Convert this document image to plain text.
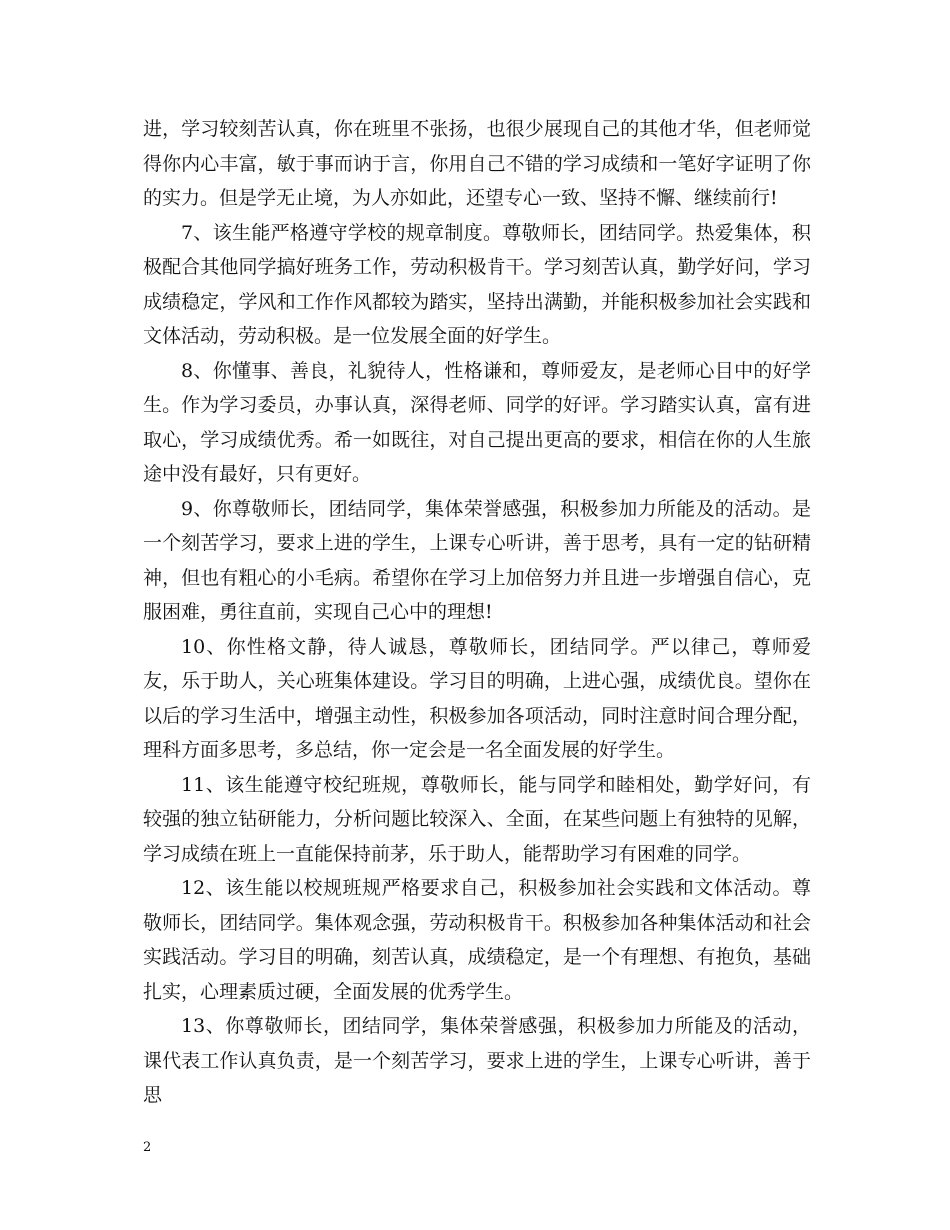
进，学习较刻苦认真，你在班里不张扬，也很少展现自己的其他才华，但老师觉得你内心丰富，敏于事而讷于言，你用自己不错的学习成绩和一笔好字证明了你的实力。但是学无止境，为人亦如此，还望专心一致、坚持不懈、继续前行!

7、该生能严格遵守学校的规章制度。尊敬师长，团结同学。热爱集体，积极配合其他同学搞好班务工作，劳动积极肯干。学习刻苦认真，勤学好问，学习成绩稳定，学风和工作作风都较为踏实，坚持出满勤，并能积极参加社会实践和文体活动，劳动积极。是一位发展全面的好学生。

8、你懂事、善良，礼貌待人，性格谦和，尊师爱友，是老师心目中的好学生。作为学习委员，办事认真，深得老师、同学的好评。学习踏实认真，富有进取心，学习成绩优秀。希一如既往，对自己提出更高的要求，相信在你的人生旅途中没有最好，只有更好。

9、你尊敬师长，团结同学，集体荣誉感强，积极参加力所能及的活动。是一个刻苦学习，要求上进的学生，上课专心听讲，善于思考，具有一定的钻研精神，但也有粗心的小毛病。希望你在学习上加倍努力并且进一步增强自信心，克服困难，勇往直前，实现自己心中的理想!

10、你性格文静，待人诚恳，尊敬师长，团结同学。严以律己，尊师爱友，乐于助人，关心班集体建设。学习目的明确，上进心强，成绩优良。望你在以后的学习生活中，增强主动性，积极参加各项活动，同时注意时间合理分配，理科方面多思考，多总结，你一定会是一名全面发展的好学生。

11、该生能遵守校纪班规，尊敬师长，能与同学和睦相处，勤学好问，有较强的独立钻研能力，分析问题比较深入、全面，在某些问题上有独特的见解，学习成绩在班上一直能保持前茅，乐于助人，能帮助学习有困难的同学。

12、该生能以校规班规严格要求自己，积极参加社会实践和文体活动。尊敬师长，团结同学。集体观念强，劳动积极肯干。积极参加各种集体活动和社会实践活动。学习目的明确，刻苦认真，成绩稳定，是一个有理想、有抱负，基础扎实，心理素质过硬，全面发展的优秀学生。

13、你尊敬师长，团结同学，集体荣誉感强，积极参加力所能及的活动，课代表工作认真负责，是一个刻苦学习，要求上进的学生，上课专心听讲，善于思

2
